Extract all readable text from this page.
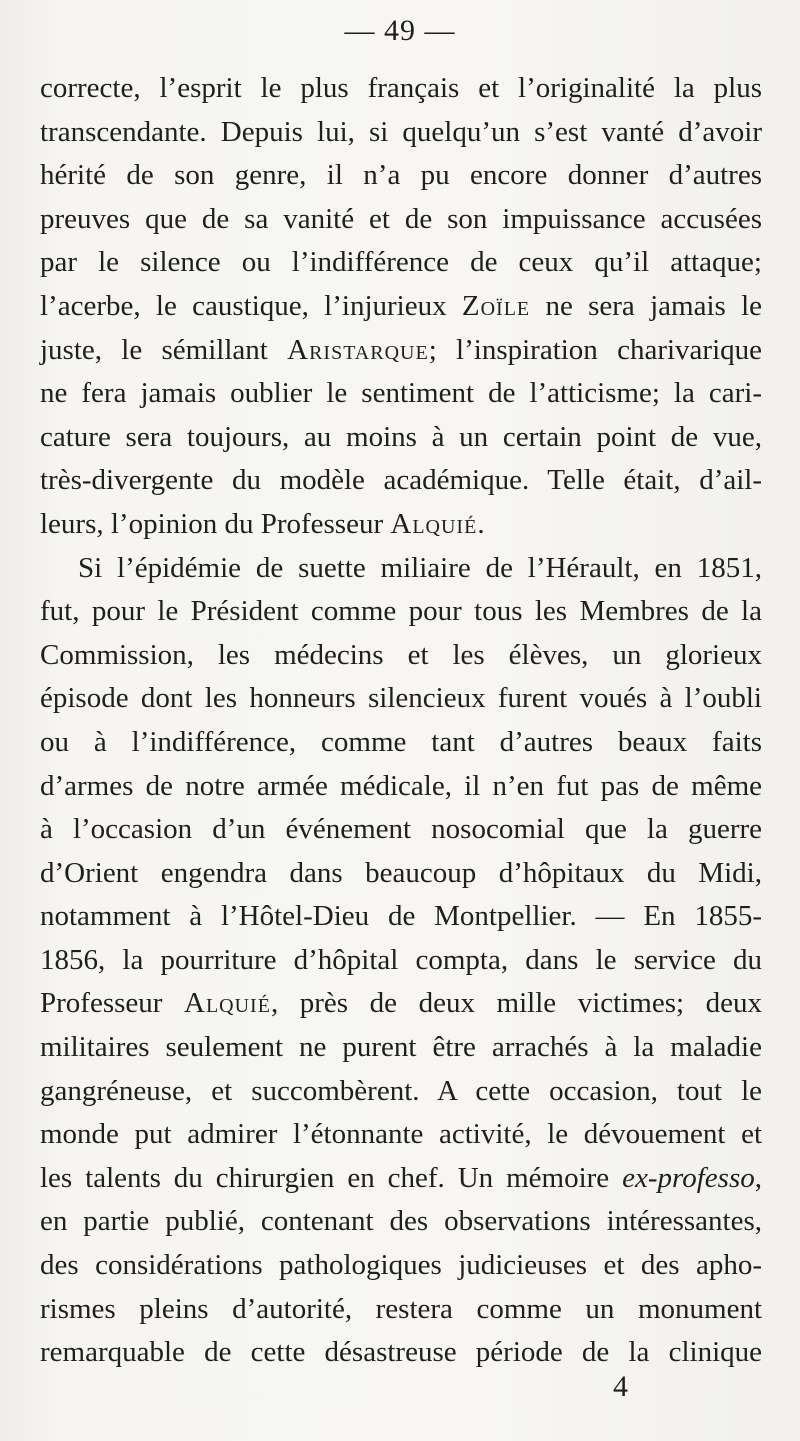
— 49 —
correcte, l’esprit le plus français et l’originalité la plus
transcendante. Depuis lui, si quelqu’un s’est vanté d’avoir
hérité de son genre, il n’a pu encore donner d’autres
preuves que de sa vanité et de son impuissance accusées
par le silence ou l’indifférence de ceux qu’il attaque;
l’acerbe, le caustique, l’injurieux Zoïle ne sera jamais le
juste, le sémillant Aristarque; l’inspiration charivarique
ne fera jamais oublier le sentiment de l’atticisme; la cari-
cature sera toujours, au moins à un certain point de vue,
très-divergente du modèle académique. Telle était, d’ail-
leurs, l’opinion du Professeur Alquié.
Si l’épidémie de suette miliaire de l’Hérault, en 1851,
fut, pour le Président comme pour tous les Membres de la
Commission, les médecins et les élèves, un glorieux
épisode dont les honneurs silencieux furent voués à l’oubli
ou à l’indifférence, comme tant d’autres beaux faits
d’armes de notre armée médicale, il n’en fut pas de même
à l’occasion d’un événement nosocomial que la guerre
d’Orient engendra dans beaucoup d’hôpitaux du Midi,
notamment à l’Hôtel-Dieu de Montpellier. — En 1855-
1856, la pourriture d’hôpital compta, dans le service du
Professeur Alquié, près de deux mille victimes; deux
militaires seulement ne purent être arrachés à la maladie
gangréneuse, et succombèrent. A cette occasion, tout le
monde put admirer l’étonnante activité, le dévouement et
les talents du chirurgien en chef. Un mémoire ex-professo,
en partie publié, contenant des observations intéressantes,
des considérations pathologiques judicieuses et des apho-
rismes pleins d’autorité, restera comme un monument
remarquable de cette désastreuse période de la clinique
4
